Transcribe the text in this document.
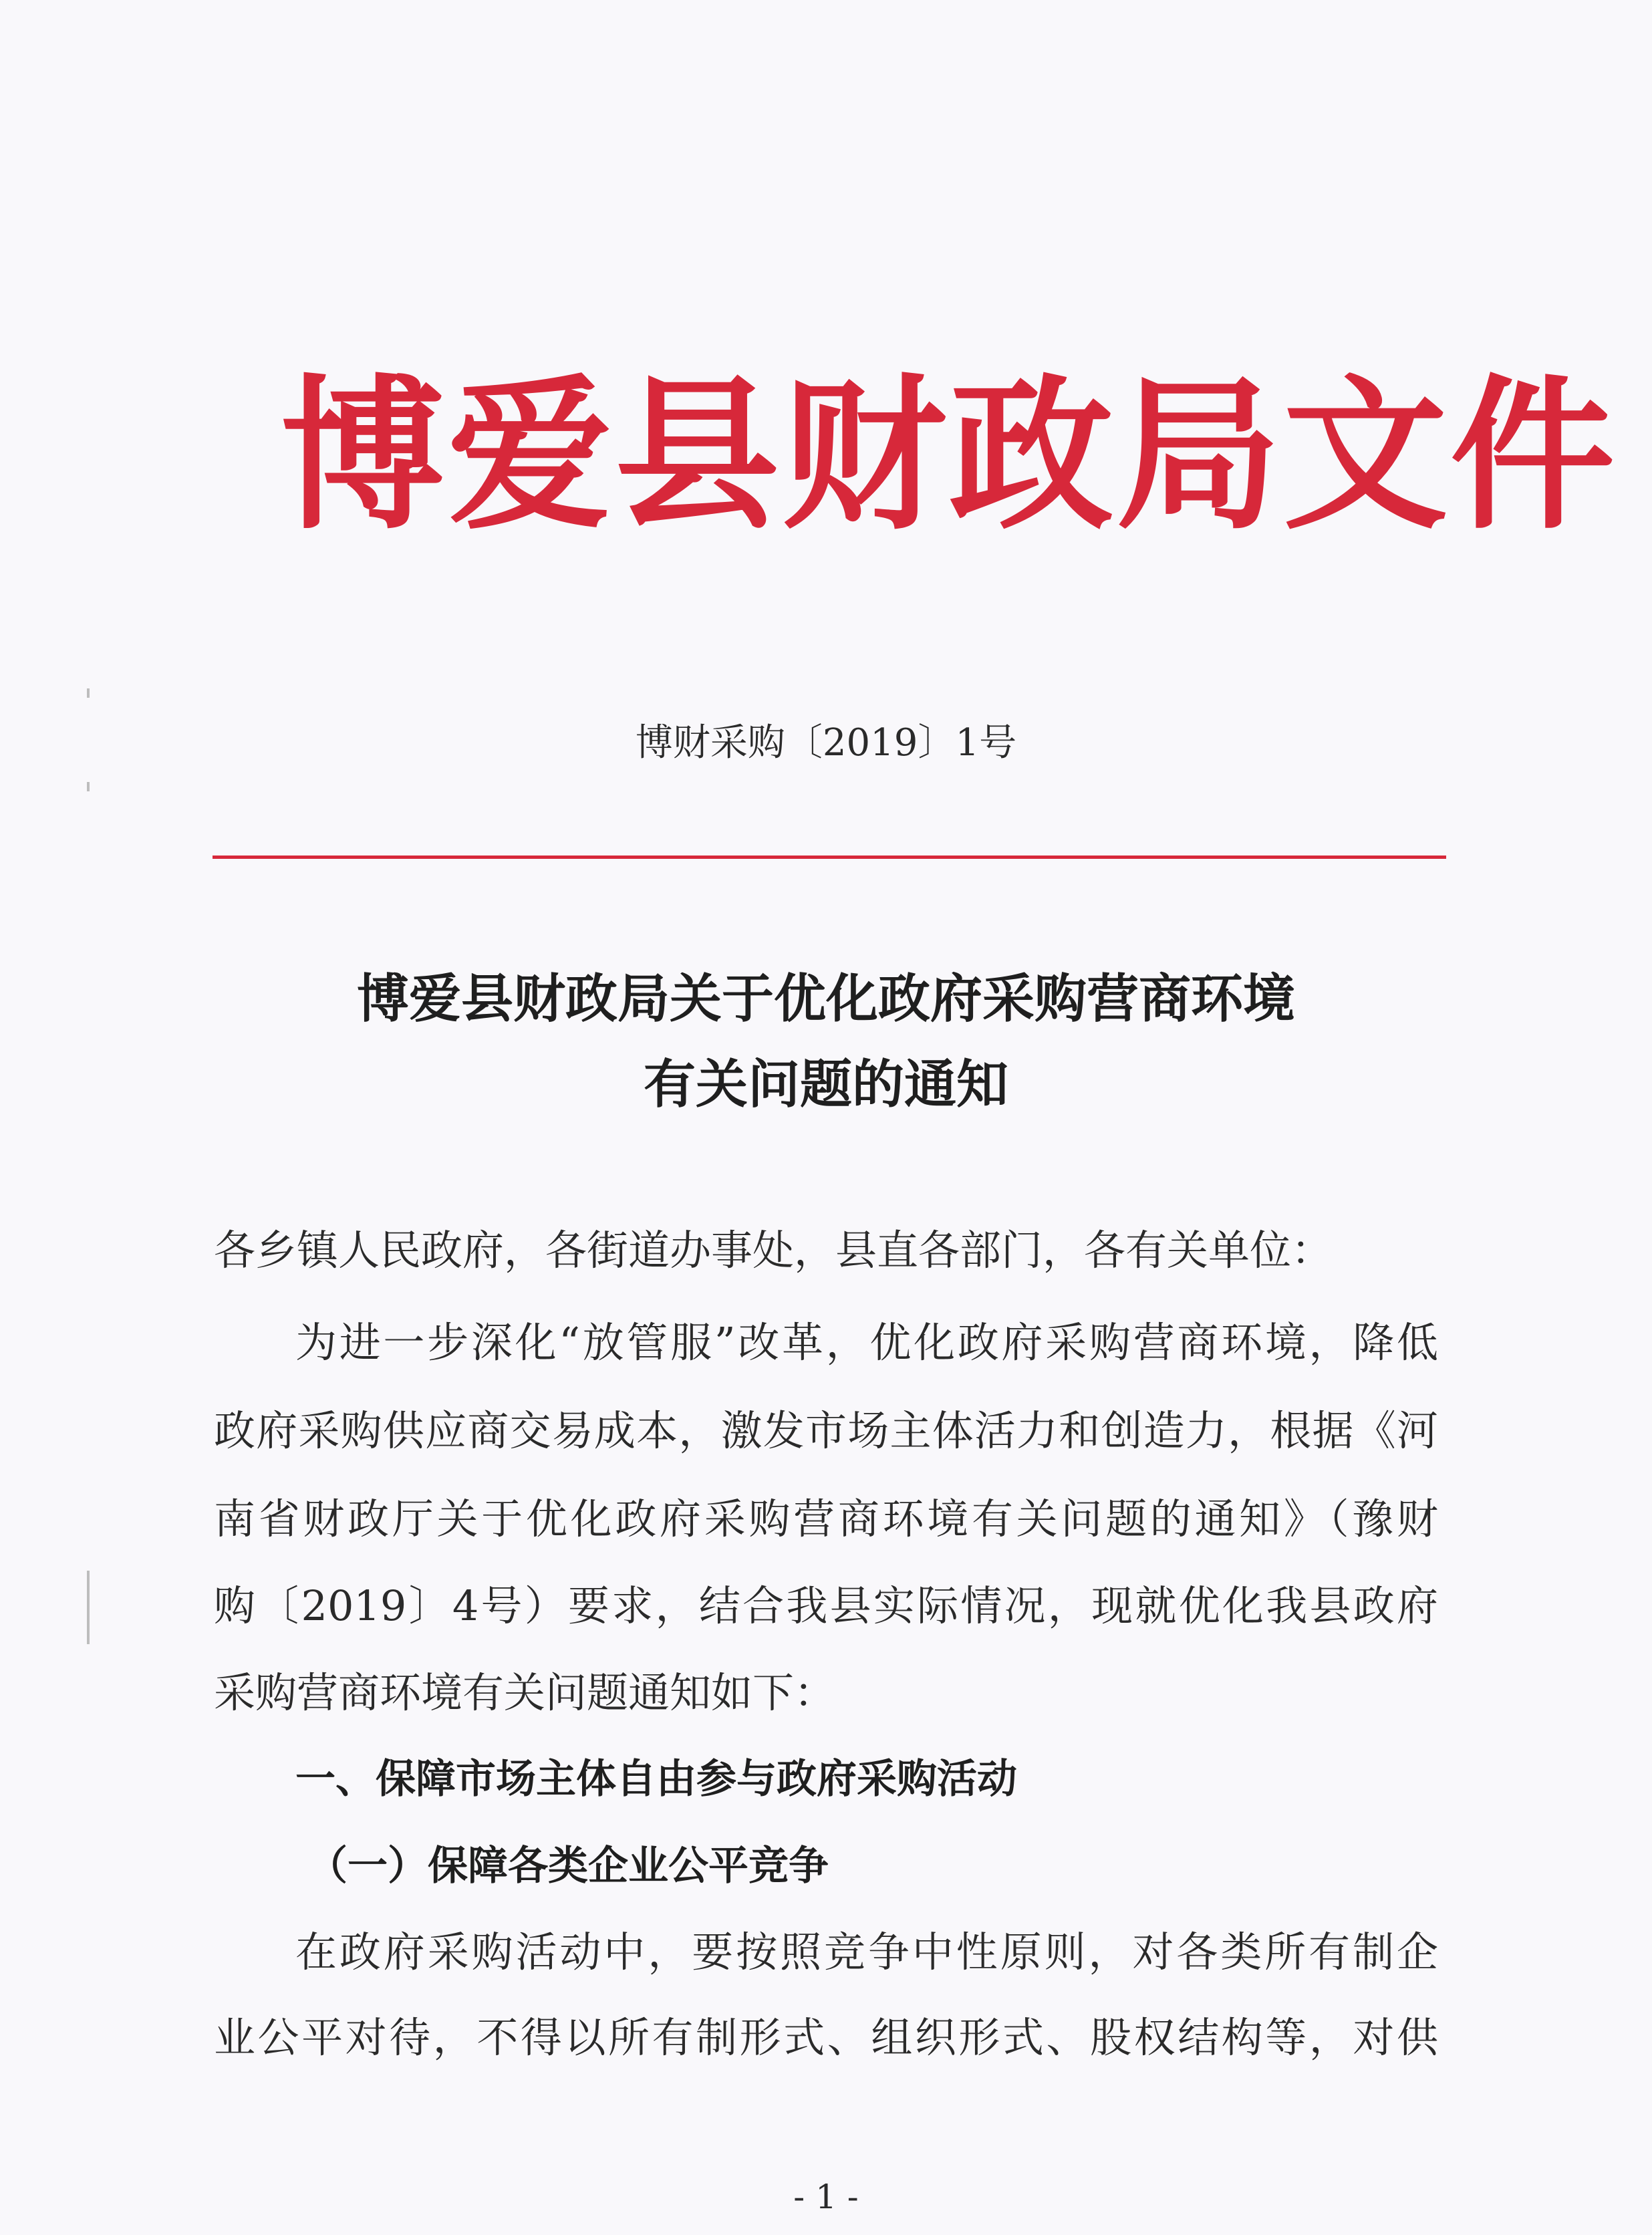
博爱县财政局文件
博财采购〔2019〕1号
博爱县财政局关于优化政府采购营商环境
有关问题的通知
各乡镇人民政府，各街道办事处，县直各部门，各有关单位：
为进一步深化“放管服”改革，优化政府采购营商环境，降低
政府采购供应商交易成本，激发市场主体活力和创造力，根据《河
南省财政厅关于优化政府采购营商环境有关问题的通知》（豫财
购〔2019〕4号）要求，结合我县实际情况，现就优化我县政府
采购营商环境有关问题通知如下：
一、保障市场主体自由参与政府采购活动
（一）保障各类企业公平竞争
在政府采购活动中，要按照竞争中性原则，对各类所有制企
业公平对待，不得以所有制形式、组织形式、股权结构等，对供
- 1 -
